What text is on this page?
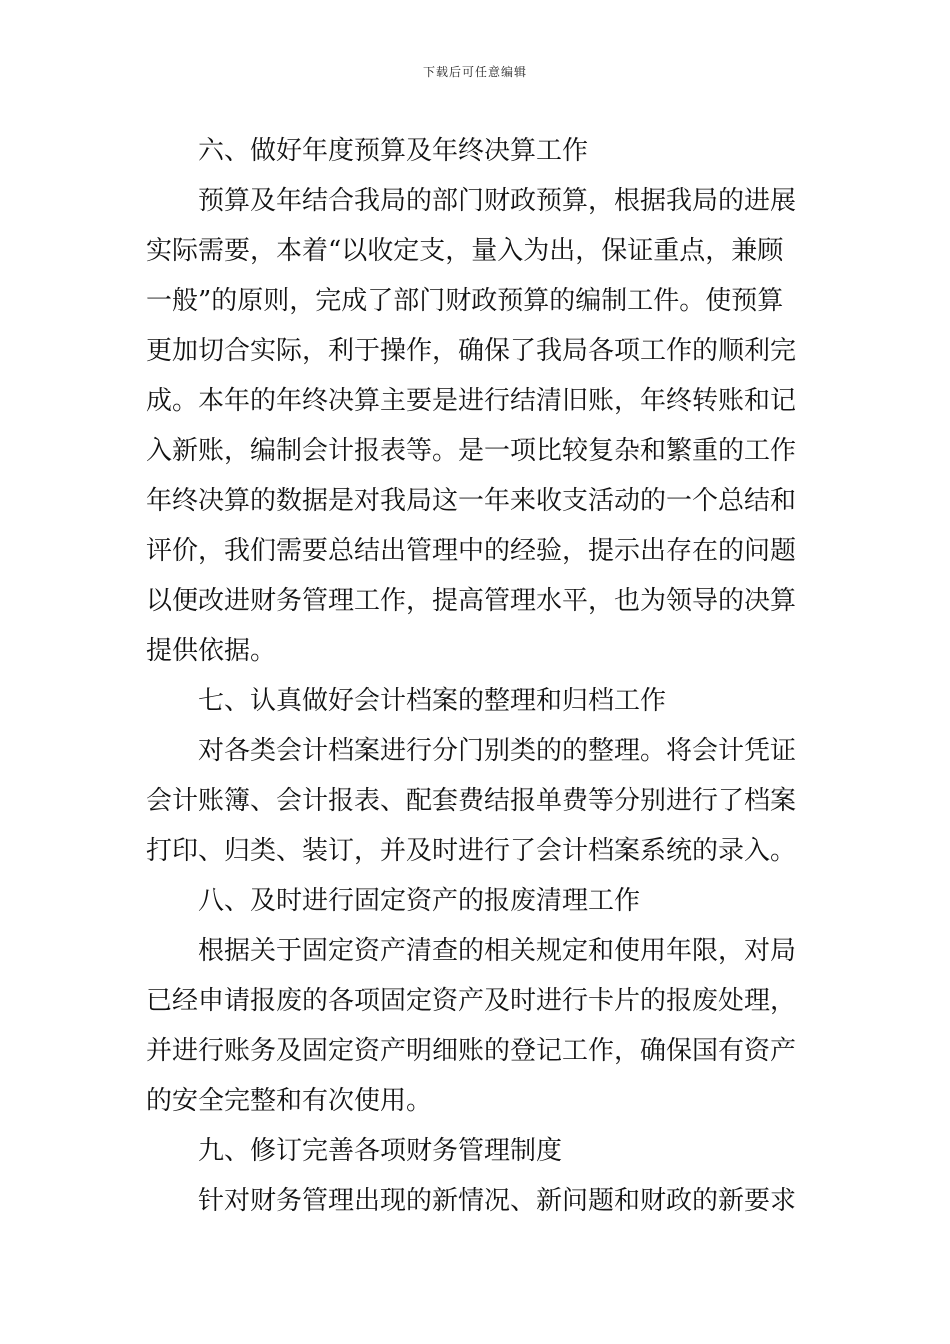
下载后可任意编辑
六、做好年度预算及年终决算工作
预算及年结合我局的部门财政预算，根据我局的进展
实际需要，本着“以收定支，量入为出，保证重点，兼顾
一般”的原则，完成了部门财政预算的编制工件。使预算
更加切合实际，利于操作，确保了我局各项工作的顺利完
成。本年的年终决算主要是进行结清旧账，年终转账和记
入新账，编制会计报表等。是一项比较复杂和繁重的工作
年终决算的数据是对我局这一年来收支活动的一个总结和
评价，我们需要总结出管理中的经验，提示出存在的问题
以便改进财务管理工作，提高管理水平，也为领导的决算
提供依据。
七、认真做好会计档案的整理和归档工作
对各类会计档案进行分门别类的的整理。将会计凭证
会计账簿、会计报表、配套费结报单费等分别进行了档案
打印、归类、装订，并及时进行了会计档案系统的录入。
八、及时进行固定资产的报废清理工作
根据关于固定资产清查的相关规定和使用年限，对局
已经申请报废的各项固定资产及时进行卡片的报废处理，
并进行账务及固定资产明细账的登记工作，确保国有资产
的安全完整和有次使用。
九、修订完善各项财务管理制度
针对财务管理出现的新情况、新问题和财政的新要求
